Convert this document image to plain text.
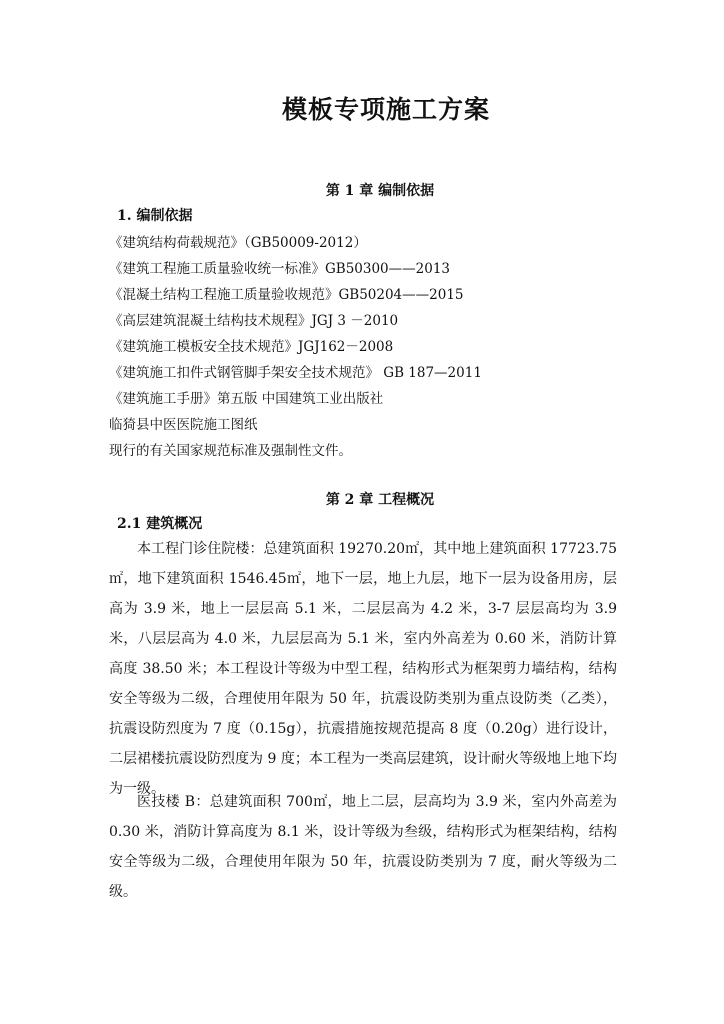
模板专项施工方案
第 1 章 编制依据
1. 编制依据
《建筑结构荷载规范》（GB50009-2012）
《建筑工程施工质量验收统一标准》GB50300——2013
《混凝土结构工程施工质量验收规范》GB50204——2015
《高层建筑混凝土结构技术规程》JGJ 3 －2010
《建筑施工模板安全技术规范》JGJ162－2008
《建筑施工扣件式钢管脚手架安全技术规范》 GB 187—2011
《建筑施工手册》第五版 中国建筑工业出版社
临猗县中医医院施工图纸
现行的有关国家规范标准及强制性文件。
第 2 章 工程概况
2.1 建筑概况

本工程门诊住院楼：总建筑面积 19270.20㎡，其中地上建筑面积 17723.75㎡，地下建筑面积 1546.45㎡，地下一层，地上九层，地下一层为设备用房，层高为 3.9 米，地上一层层高 5.1 米，二层层高为 4.2 米，3-7 层层高均为 3.9 米，八层层高为 4.0 米，九层层高为 5.1 米，室内外高差为 0.60 米，消防计算高度 38.50 米；本工程设计等级为中型工程，结构形式为框架剪力墙结构，结构安全等级为二级，合理使用年限为 50 年，抗震设防类别为重点设防类（乙类），抗震设防烈度为 7 度（0.15g），抗震措施按规范提高 8 度（0.20g）进行设计，二层裙楼抗震设防烈度为 9 度；本工程为一类高层建筑，设计耐火等级地上地下均为一级。

医技楼 B：总建筑面积 700㎡，地上二层，层高均为 3.9 米，室内外高差为 0.30 米，消防计算高度为 8.1 米，设计等级为叁级，结构形式为框架结构，结构安全等级为二级，合理使用年限为 50 年，抗震设防类别为 7 度，耐火等级为二级。
